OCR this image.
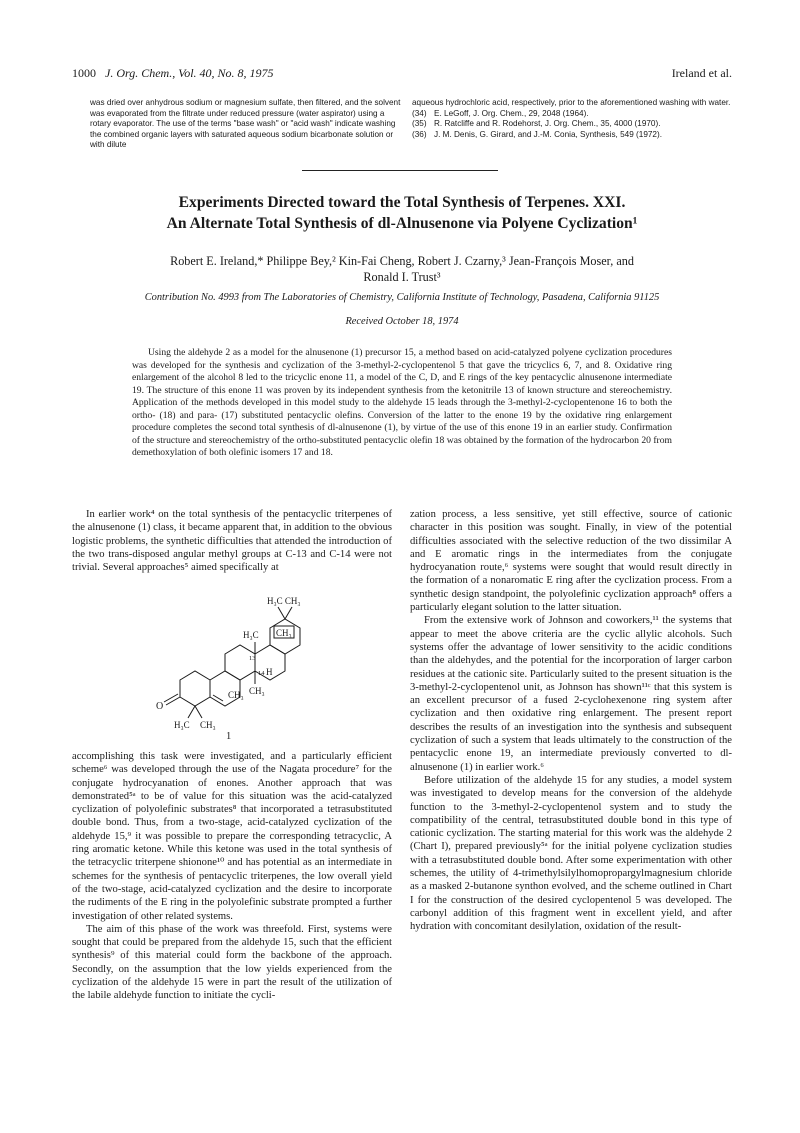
1000 J. Org. Chem., Vol. 40, No. 8, 1975	Ireland et al.

was dried over anhydrous sodium or magnesium sulfate, then filtered, and the solvent was evaporated from the filtrate under reduced pressure (water aspirator) using a rotary evaporator. The use of the terms "base wash" or "acid wash" indicate washing the combined organic layers with saturated aqueous sodium bicarbonate solution or with dilute

aqueous hydrochloric acid, respectively, prior to the aforementioned washing with water.

(34) E. LeGoff, J. Org. Chem., 29, 2048 (1964).
(35) R. Ratcliffe and R. Rodehorst, J. Org. Chem., 35, 4000 (1970).
(36) J. M. Denis, G. Girard, and J.-M. Conia, Synthesis, 549 (1972).
Experiments Directed toward the Total Synthesis of Terpenes. XXI.
An Alternate Total Synthesis of dl-Alnusenone via Polyene Cyclization¹
Robert E. Ireland,* Philippe Bey,² Kin-Fai Cheng, Robert J. Czarny,³ Jean-François Moser, and
Ronald I. Trust³
Contribution No. 4993 from The Laboratories of Chemistry, California Institute of Technology, Pasadena, California 91125
Received October 18, 1974

Using the aldehyde 2 as a model for the alnusenone (1) precursor 15, a method based on acid-catalyzed polyene cyclization procedures was developed for the synthesis and cyclization of the 3-methyl-2-cyclopentenol 5 that gave the tricyclics 6, 7, and 8. Oxidative ring enlargement of the alcohol 8 led to the tricyclic enone 11, a model of the C, D, and E rings of the key pentacyclic alnusenone intermediate 19. The structure of this enone 11 was proven by its independent synthesis from the ketonitrile 13 of known structure and stereochemistry. Application of the methods developed in this model study to the aldehyde 15 leads through the 3-methyl-2-cyclopentenone 16 to both the ortho- (18) and para- (17) substituted pentacyclic olefins. Conversion of the latter to the enone 19 by the oxidative ring enlargement procedure completes the second total synthesis of dl-alnusenone (1), by virtue of the use of this enone 19 in an earlier study. Confirmation of the structure and stereochemistry of the ortho-substituted pentacyclic olefin 18 was obtained by the formation of the hydrocarbon 20 from demethoxylation of both olefinic isomers 17 and 18.

In earlier work⁴ on the total synthesis of the pentacyclic triterpenes of the alnusenone (1) class, it became apparent that, in addition to the obvious logistic problems, the synthetic difficulties that attended the introduction of the two trans-disposed angular methyl groups at C-13 and C-14 were not trivial. Several approaches⁵ aimed specifically at

H₃C CH₃
H₃C CH₃
13
14 H
CH₃ CH₃
O
H₃C CH₃
1

accomplishing this task were investigated, and a particularly efficient scheme⁶ was developed through the use of the Nagata procedure⁷ for the conjugate hydrocyanation of enones. Another approach that was demonstrated⁵ᵃ to be of value for this situation was the acid-catalyzed cyclization of polyolefinic substrates⁸ that incorporated a tetrasubstituted double bond. Thus, from a two-stage, acid-catalyzed cyclization of the aldehyde 15,⁹ it was possible to prepare the corresponding tetracyclic, A ring aromatic ketone. While this ketone was used in the total synthesis of the tetracyclic triterpene shionone¹⁰ and has potential as an intermediate in schemes for the synthesis of pentacyclic triterpenes, the low overall yield of the two-stage, acid-catalyzed cyclization and the desire to incorporate the rudiments of the E ring in the polyolefinic substrate prompted a further investigation of other related systems.

The aim of this phase of the work was threefold. First, systems were sought that could be prepared from the aldehyde 15, such that the efficient synthesis⁹ of this material could form the backbone of the approach. Secondly, on the assumption that the low yields experienced from the cyclization of the aldehyde 15 were in part the result of the utilization of the labile aldehyde function to initiate the cycli-

zation process, a less sensitive, yet still effective, source of cationic character in this position was sought. Finally, in view of the potential difficulties associated with the selective reduction of the two dissimilar A and E aromatic rings in the intermediates from the conjugate hydrocyanation route,⁶ systems were sought that would result directly in the formation of a nonaromatic E ring after the cyclization process. From a synthetic design standpoint, the polyolefinic cyclization approach⁸ offers a particularly elegant solution to the latter situation.

From the extensive work of Johnson and coworkers,¹¹ the systems that appear to meet the above criteria are the cyclic allylic alcohols. Such systems offer the advantage of lower sensitivity to the acidic conditions than the aldehydes, and the potential for the incorporation of larger carbon residues at the cationic site. Particularly suited to the present situation is the 3-methyl-2-cyclopentenol unit, as Johnson has shown¹¹ᶜ that this system is an excellent precursor of a fused 2-cyclohexenone ring system after cyclization and then oxidative ring enlargement. The present report describes the results of an investigation into the synthesis and subsequent cyclization of such a system that leads ultimately to the construction of the pentacyclic enone 19, an intermediate previously converted to dl-alnusenone (1) in earlier work.⁶

Before utilization of the aldehyde 15 for any studies, a model system was investigated to develop means for the conversion of the aldehyde function to the 3-methyl-2-cyclopentenol system and to study the compatibility of the central, tetrasubstituted double bond in this type of cationic cyclization. The starting material for this work was the aldehyde 2 (Chart I), prepared previously⁵ᵃ for the initial polyene cyclization studies with a tetrasubstituted double bond. After some experimentation with other schemes, the utility of 4-trimethylsilylhomopropargylmagnesium chloride as a masked 2-butanone synthon evolved, and the scheme outlined in Chart I for the construction of the desired cyclopentenol 5 was developed. The carbonyl addition of this fragment went in excellent yield, and after hydration with concomitant desilylation, oxidation of the result-
